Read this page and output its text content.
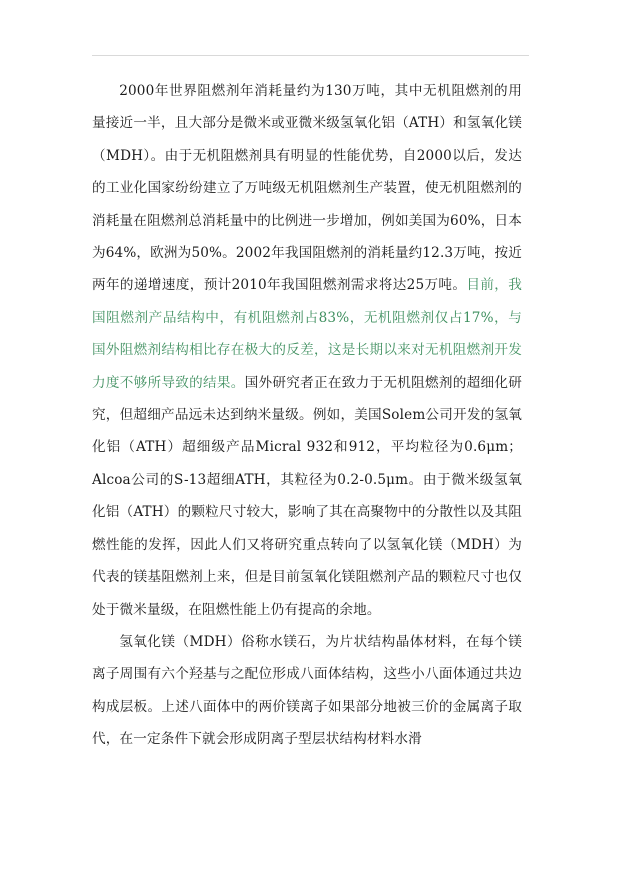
2000年世界阻燃剂年消耗量约为130万吨，其中无机阻燃剂的用量接近一半，且大部分是微米或亚微米级氢氧化铝（ATH）和氢氧化镁（MDH）。由于无机阻燃剂具有明显的性能优势，自2000以后，发达的工业化国家纷纷建立了万吨级无机阻燃剂生产装置，使无机阻燃剂的消耗量在阻燃剂总消耗量中的比例进一步增加，例如美国为60%，日本为64%，欧洲为50%。2002年我国阻燃剂的消耗量约12.3万吨，按近两年的递增速度，预计2010年我国阻燃剂需求将达25万吨。目前，我国阻燃剂产品结构中，有机阻燃剂占83%，无机阻燃剂仅占17%，与国外阻燃剂结构相比存在极大的反差，这是长期以来对无机阻燃剂开发力度不够所导致的结果。国外研究者正在致力于无机阻燃剂的超细化研究，但超细产品远未达到纳米量级。例如，美国Solem公司开发的氢氧化铝（ATH）超细级产品Micral 932和912，平均粒径为0.6μm；Alcoa公司的S-13超细ATH，其粒径为0.2-0.5μm。由于微米级氢氧化铝（ATH）的颗粒尺寸较大，影响了其在高聚物中的分散性以及其阻燃性能的发挥，因此人们又将研究重点转向了以氢氧化镁（MDH）为代表的镁基阻燃剂上来，但是目前氢氧化镁阻燃剂产品的颗粒尺寸也仅处于微米量级，在阻燃性能上仍有提高的余地。

氢氧化镁（MDH）俗称水镁石，为片状结构晶体材料，在每个镁离子周围有六个羟基与之配位形成八面体结构，这些小八面体通过共边构成层板。上述八面体中的两价镁离子如果部分地被三价的金属离子取代，在一定条件下就会形成阴离子型层状结构材料水滑
